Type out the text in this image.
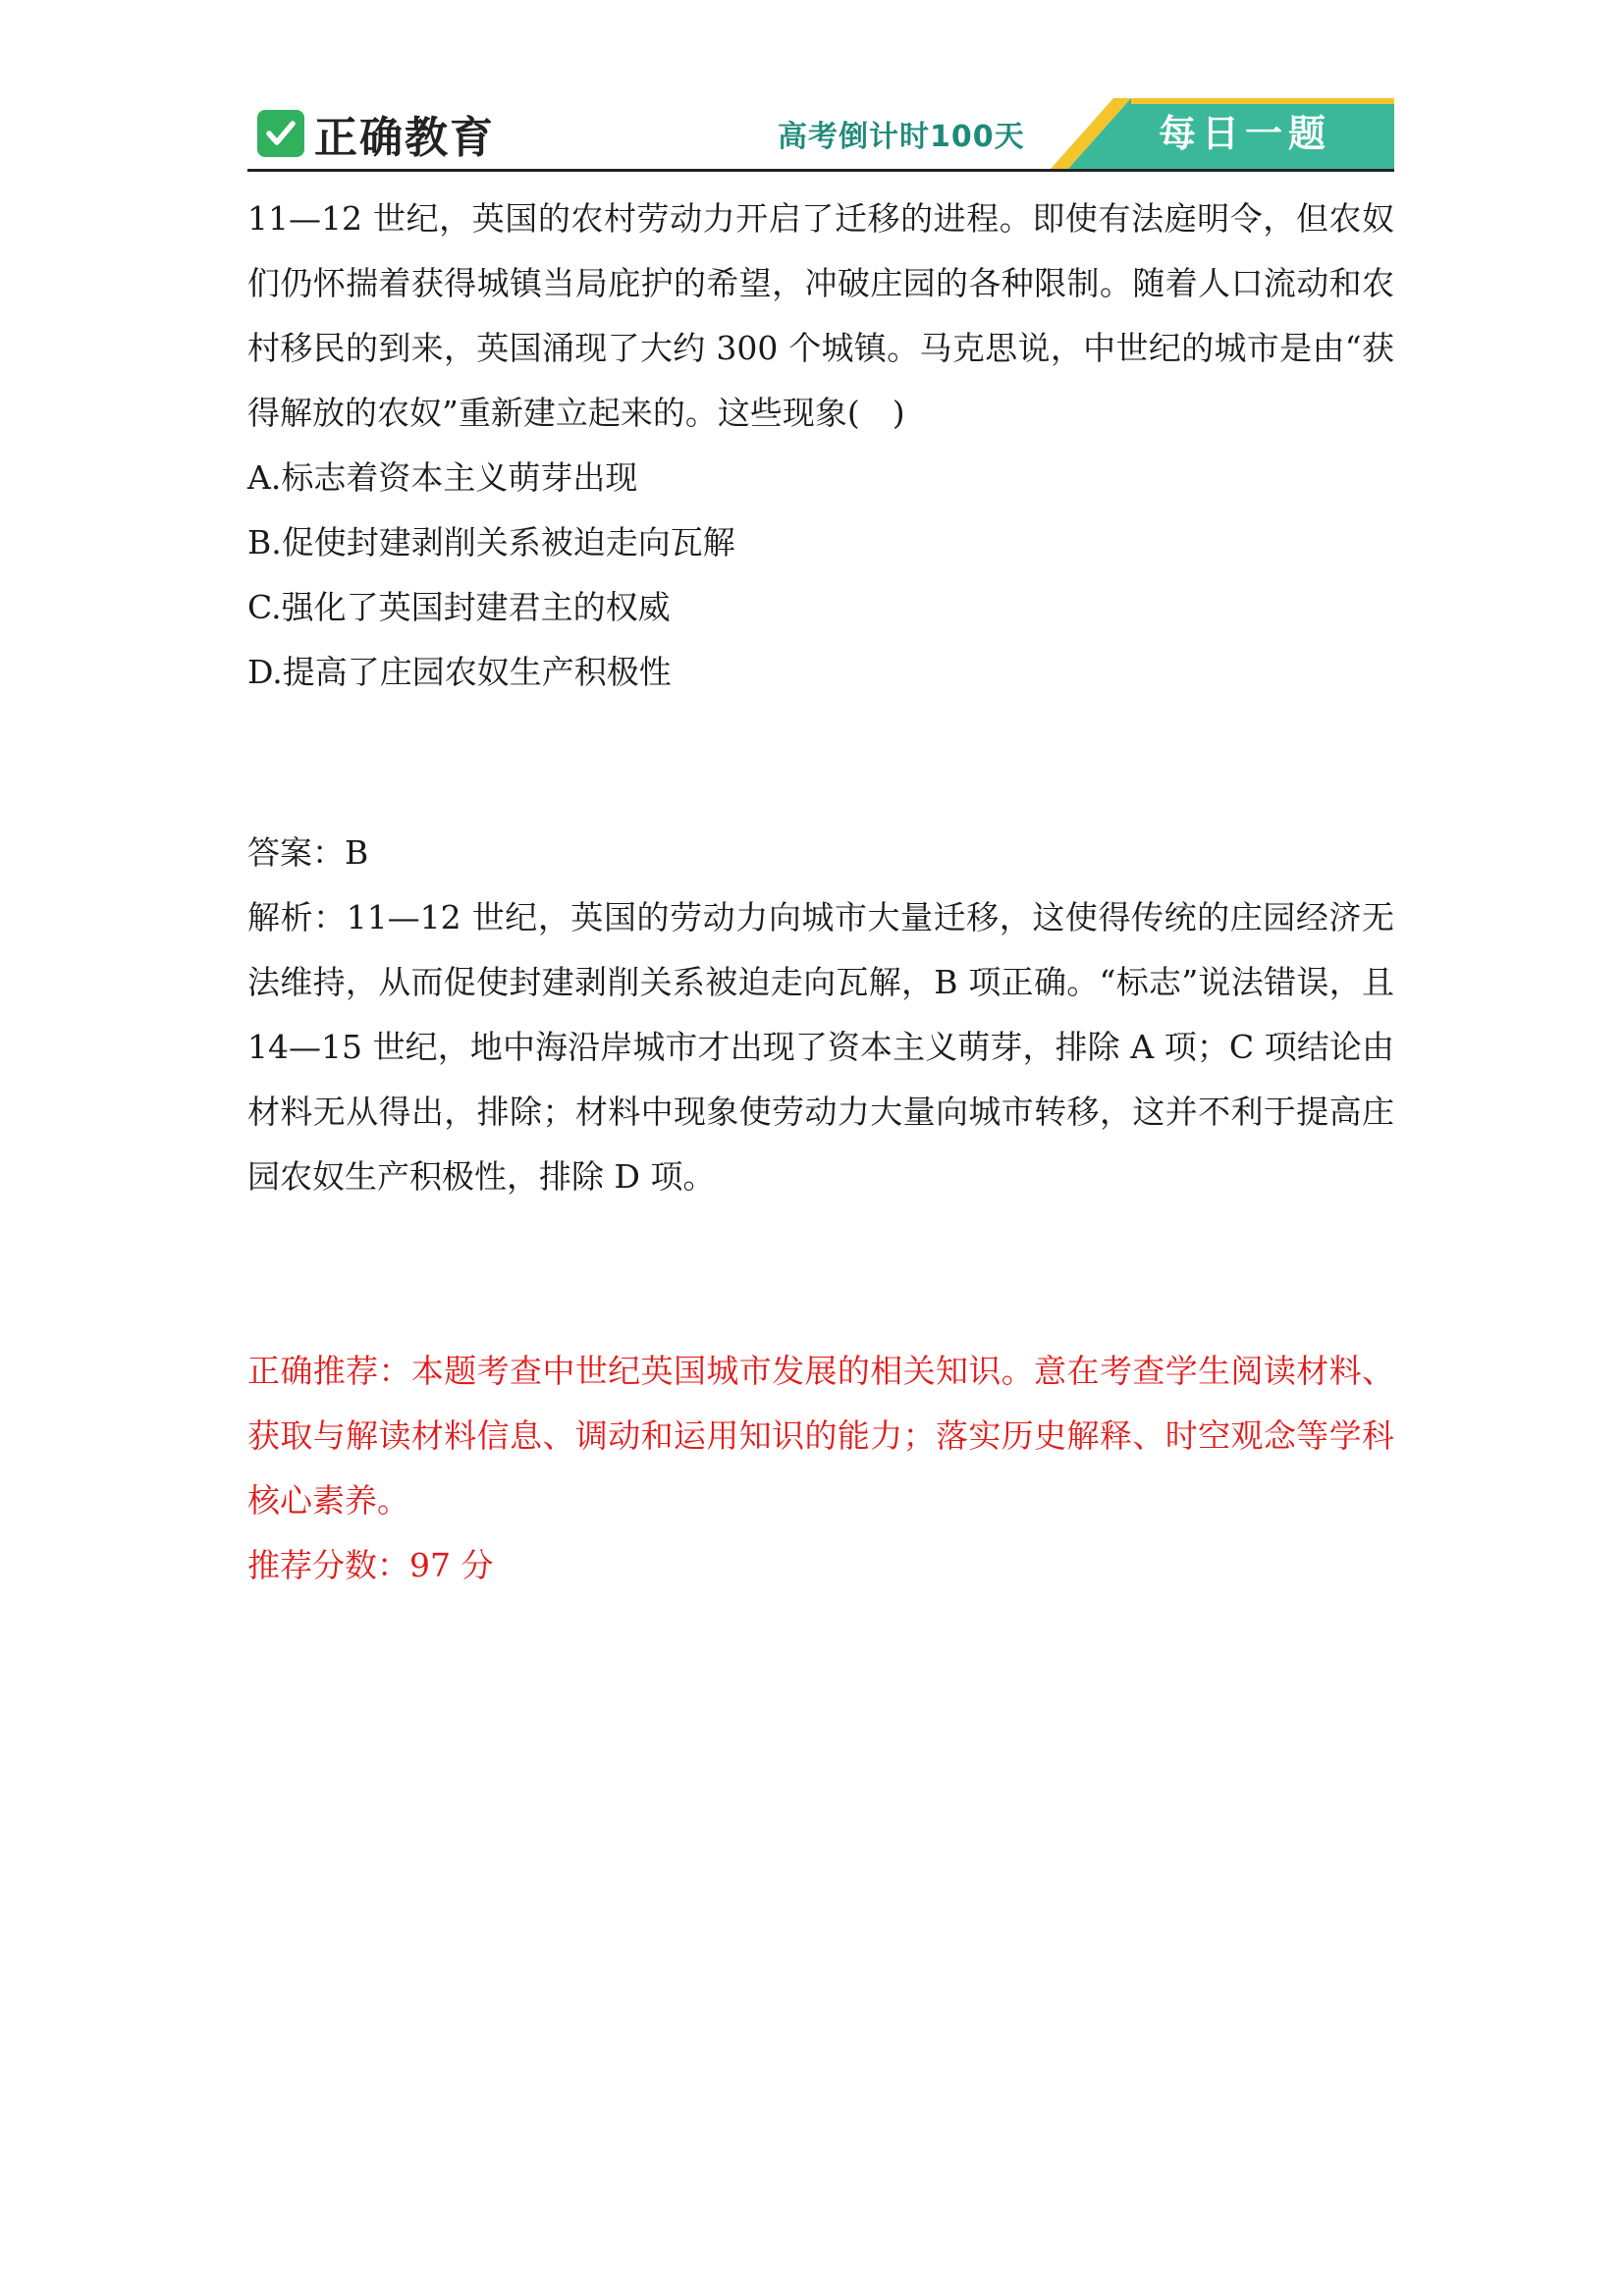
正确教育	高考倒计时100天	每日一题

11—12 世纪，英国的农村劳动力开启了迁移的进程。即使有法庭明令，但农奴们仍怀揣着获得城镇当局庇护的希望，冲破庄园的各种限制。随着人口流动和农村移民的到来，英国涌现了大约 300 个城镇。马克思说，中世纪的城市是由“获得解放的农奴”重新建立起来的。这些现象(　)

A.标志着资本主义萌芽出现

B.促使封建剥削关系被迫走向瓦解

C.强化了英国封建君主的权威

D.提高了庄园农奴生产积极性

答案：B

解析：11—12 世纪，英国的劳动力向城市大量迁移，这使得传统的庄园经济无法维持，从而促使封建剥削关系被迫走向瓦解，B 项正确。“标志”说法错误，且 14—15 世纪，地中海沿岸城市才出现了资本主义萌芽，排除 A 项；C 项结论由材料无从得出，排除；材料中现象使劳动力大量向城市转移，这并不利于提高庄园农奴生产积极性，排除 D 项。

正确推荐：本题考查中世纪英国城市发展的相关知识。意在考查学生阅读材料、获取与解读材料信息、调动和运用知识的能力；落实历史解释、时空观念等学科核心素养。

推荐分数：97 分
